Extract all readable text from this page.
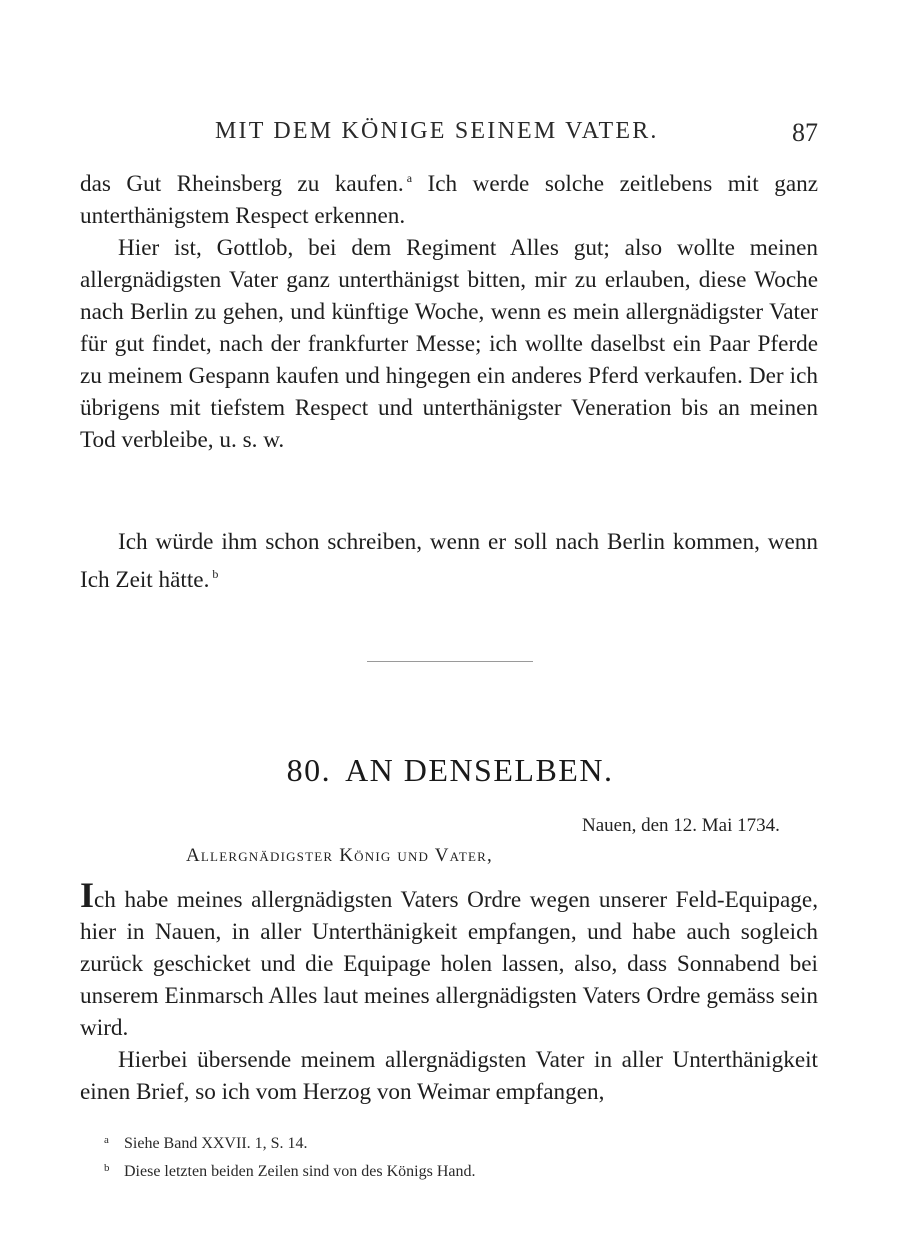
MIT DEM KÖNIGE SEINEM VATER.	87

das Gut Rheinsberg zu kaufen. $^a$ Ich werde solche zeitlebens mit ganz unterthänigstem Respect erkennen.

Hier ist, Gottlob, bei dem Regiment Alles gut; also wollte meinen allergnädigsten Vater ganz unterthänigst bitten, mir zu erlauben, diese Woche nach Berlin zu gehen, und künftige Woche, wenn es mein allergnädigster Vater für gut findet, nach der frankfurter Messe; ich wollte daselbst ein Paar Pferde zu meinem Gespann kaufen und hingegen ein anderes Pferd verkaufen. Der ich übrigens mit tiefstem Respect und unterthänigster Veneration bis an meinen Tod verbleibe, u. s. w.

Ich würde ihm schon schreiben, wenn er soll nach Berlin kommen, wenn Ich Zeit hätte. $^b$

80. AN DENSELBEN.
Nauen, den 12. Mai 1734.
Allergnädigster König und Vater,

Ich habe meines allergnädigsten Vaters Ordre wegen unserer Feld-Equipage, hier in Nauen, in aller Unterthänigkeit empfangen, und habe auch sogleich zurück geschicket und die Equipage holen lassen, also, dass Sonnabend bei unserem Einmarsch Alles laut meines allergnädigsten Vaters Ordre gemäss sein wird.

Hierbei übersende meinem allergnädigsten Vater in aller Unterthänigkeit einen Brief, so ich vom Herzog von Weimar empfangen,

a Siehe Band XXVII. 1, S. 14.
b Diese letzten beiden Zeilen sind von des Königs Hand.
